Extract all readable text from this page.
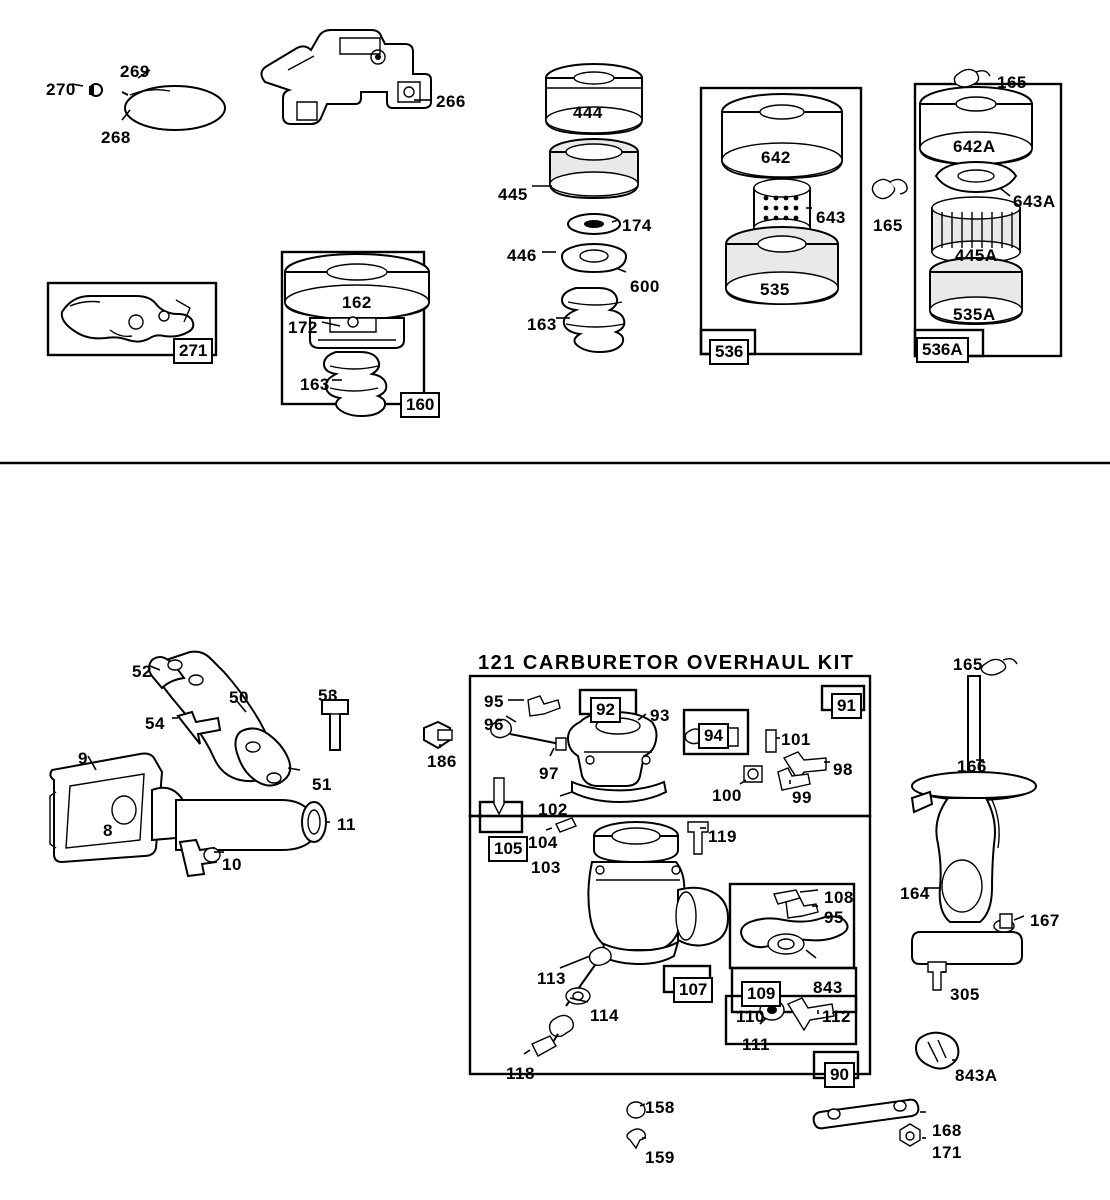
270
269
268
266
271
444
445
174
446
600
163
162
172
163
160
642
643
535
536
165
165
642A
643A
445A
535A
536A
52
50	53
54
51
9
8	11
10
95
96
92	93
91
94	101
98
186
97
100	99
102
105 104	119
103
108
95
113
107	109	843
114	110	112
111
118	90
158
159
165
166
164
167
305
843A
168
171
121 CARBURETOR OVERHAUL KIT
